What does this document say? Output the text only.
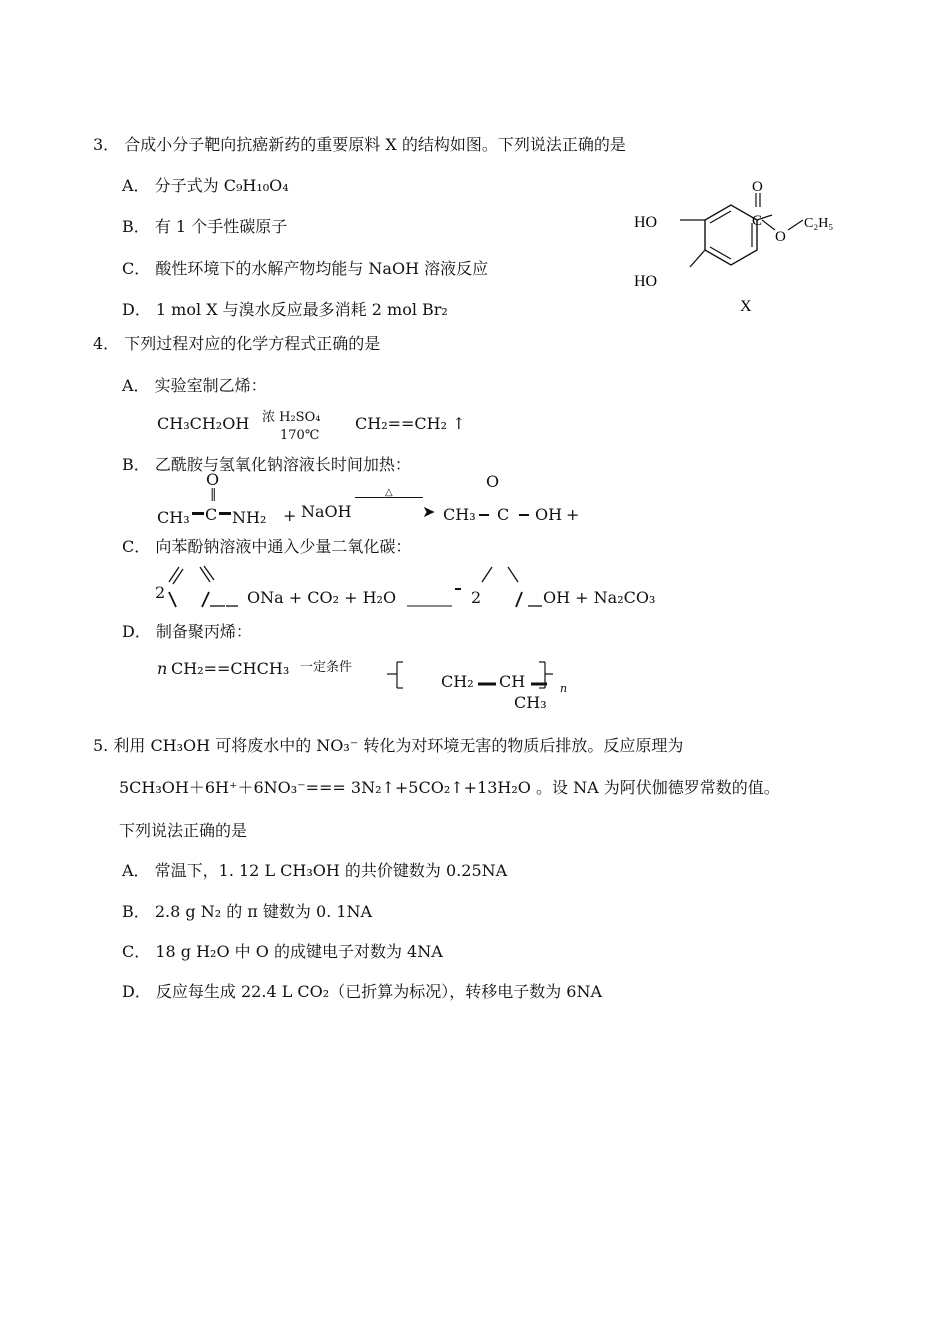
3． 合成小分子靶向抗癌新药的重要原料 X 的结构如图。下列说法正确的是
A． 分子式为 C₉H₁₀O₄
B． 有 1 个手性碳原子
C． 酸性环境下的水解产物均能与 NaOH 溶液反应
D． 1 mol X 与溴水反应最多消耗 2 mol Br₂
HO
HO
O
C
O
C₂H₅
X
4． 下列过程对应的化学方程式正确的是
A． 实验室制乙烯：
CH₃CH₂OH 浓 H₂SO₄
170℃
CH₂==CH₂ ↑
B． 乙酰胺与氢氧化钠溶液长时间加热：
O
‖
O
CH₃ C NH₂ + NaOH
△
➤ CH₃ C OH +
C． 向苯酚钠溶液中通入少量二氧化碳：
2	ONa + CO₂ + H₂O	2	OH + Na₂CO₃
D． 制备聚丙烯：
n CH₂==CHCH₃ 一定条件
CH₂ CH
CH₃
n
5. 利用 CH₃OH 可将废水中的 NO₃⁻ 转化为对环境无害的物质后排放。反应原理为
5CH₃OH＋6H⁺＋6NO₃⁻=== 3N₂↑+5CO₂↑+13H₂O 。设 NA 为阿伏伽德罗常数的值。
下列说法正确的是
A． 常温下，1. 12 L CH₃OH 的共价键数为 0.25NA
B． 2.8 g N₂ 的 π 键数为 0. 1NA
C． 18 g H₂O 中 O 的成键电子对数为 4NA
D． 反应每生成 22.4 L CO₂（已折算为标况），转移电子数为 6NA
